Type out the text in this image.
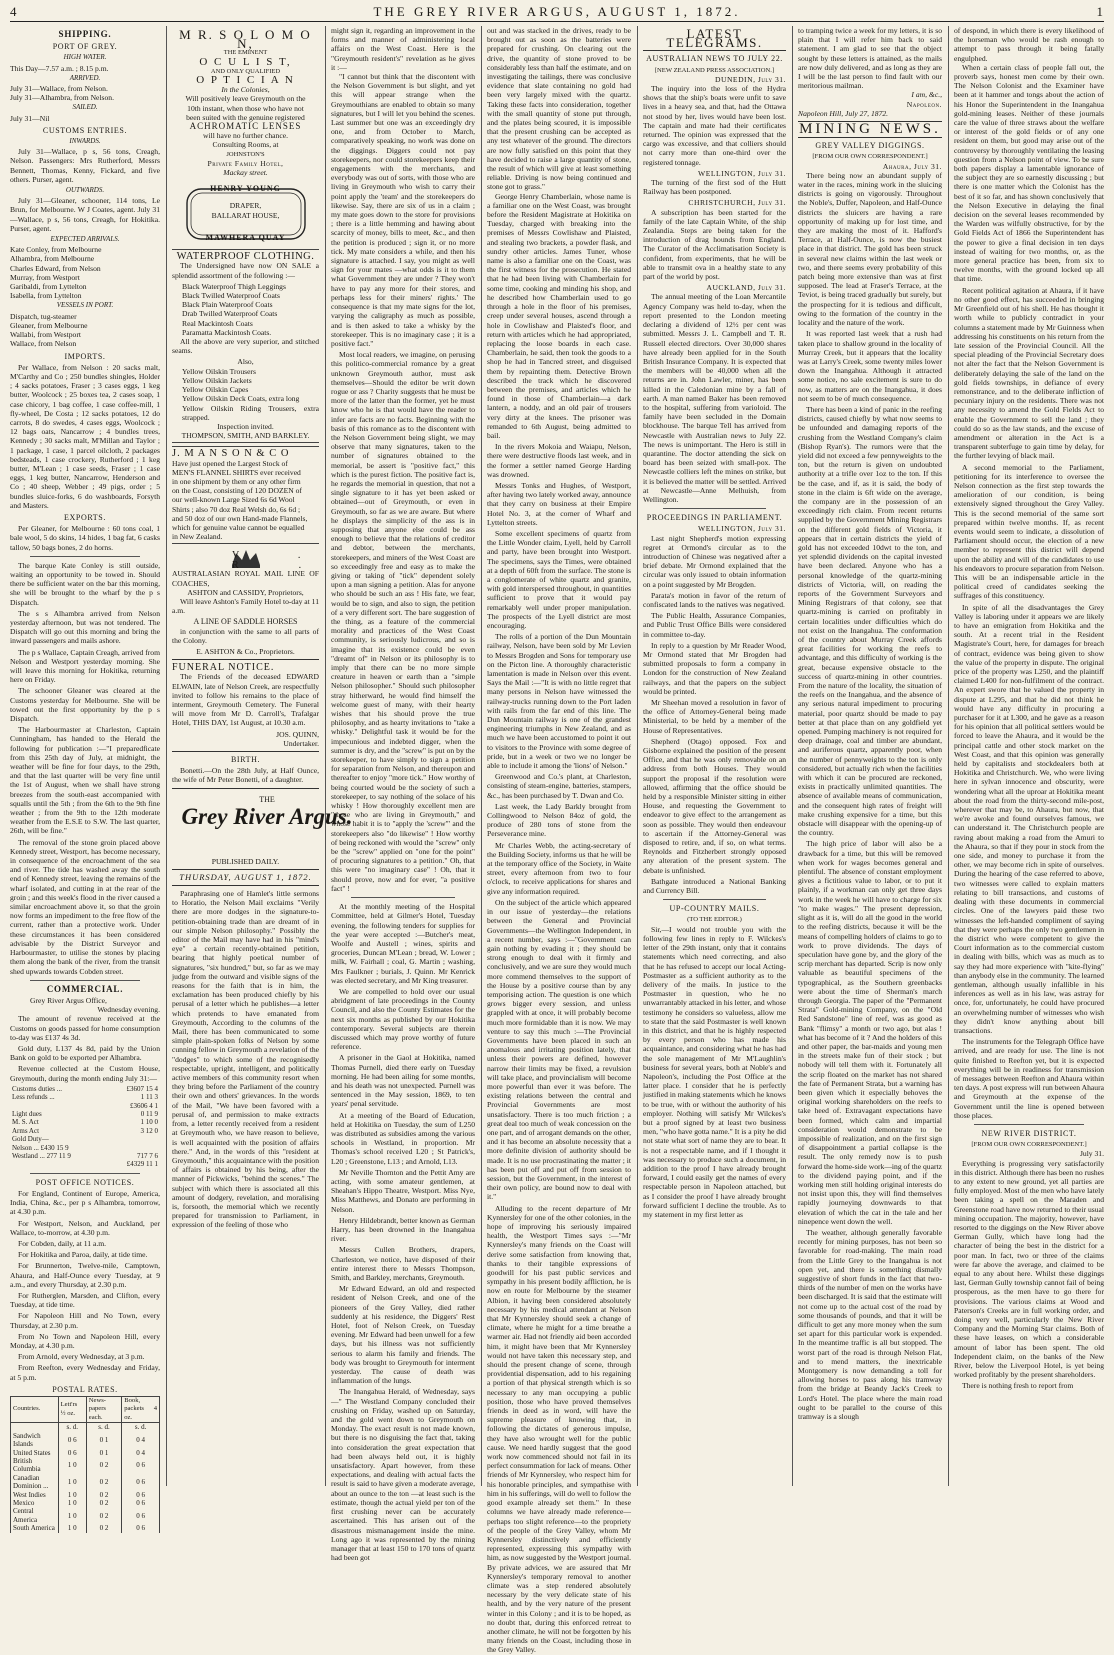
4	THE GREY RIVER ARGUS, AUGUST 1, 1872.	1
SHIPPING.
PORT OF GREY.
HIGH WATER.

This Day—7.57 a.m. ; 8.15 p.m.

ARRIVED.

July 31—Wallace, from Nelson.

July 31—Alhambra, from Nelson.

SAILED.

July 31—Nil

CUSTOMS ENTRIES.
INWARDS.

July 31—Wallace, p s, 56 tons, Creagh, Nelson. Passengers: Mrs Rutherford, Messrs Bennett, Thomas, Kenny, Fickard, and five others. Purser, agent.

OUTWARDS.

July 31—Gleaner, schooner, 114 tons, Le Brun, for Melbourne. W J Coates, agent. July 31—Wallace, p s, 56 tons, Creagh, for Hokitika. Purser, agent.

EXPECTED ARRIVALS.

Kate Conley, from Melbourne

Alhambra, from Melbourne

Charles Edward, from Nelson

Murray, from Westport

Garibaldi, from Lyttelton

Isabella, from Lyttelton

VESSELS IN PORT.

Dispatch, tug-steamer

Gleaner, from Melbourne

Wallabi, from Westport

Wallace, from Nelson

IMPORTS.

Per Wallace, from Nelson : 20 sacks malt, M'Carthy and Co ; 250 bundles shingles, Holder ; 4 sacks potatoes, Fraser ; 3 cases eggs, 1 keg butter, Woolcock ; 25 boxes tea, 2 cases soap, 1 case chicory, 1 bag coffee, 1 case coffee-mill, 1 fly-wheel, De Costa ; 12 sacks potatoes, 12 do carrots, 8 do swedes, 4 cases eggs, Woolcock ; 12 bags oats, Nancarrow ; 4 bundles trees, Kennedy ; 30 sacks malt, M'Millan and Taylor ; 1 package, 1 case, 1 parcel oilcloth, 2 packages bedsteads, 1 case crockery, Rutherford ; 1 keg butter, M'Lean ; 1 case seeds, Fraser ; 1 case eggs, 1 keg butter, Nancarrow, Henderson and Co ; 40 sheep, Webber ; 49 pigs, order ; 5 bundles sluice-forks, 6 do washboards, Forsyth and Masters.

EXPORTS.

Per Gleaner, for Melbourne : 60 tons coal, 1 bale wool, 5 do skins, 14 hides, 1 bag fat, 6 casks tallow, 50 bags bones, 2 do horns.

The barque Kate Conley is still outside, waiting an opportunity to be towed in. Should there be sufficient water on the bar this morning, she will be brought to the wharf by the p s Dispatch.

The s s Alhambra arrived from Nelson yesterday afternoon, but was not tendered. The Dispatch will go out this morning and bring the inward passengers and mails ashore.

The p s Wallace, Captain Creagh, arrived from Nelson and Westport yesterday morning. She will leave this morning for Hokitika, returning here on Friday.

The schooner Gleaner was cleared at the Customs yesterday for Melbourne. She will be towed out the first opportunity by the p s Dispatch.

The Harbourmaster at Charleston, Captain Cunningham, has handed to the Herald the following for publication :—"I preparedficate from this 25th day of July, at midnight, the weather will be fine for four days, to the 29th, and that the last quarter will be very fine until the 1st of August, when we shall have strong breezes from the south-east accompanied with squalls until the 5th ; from the 6th to the 9th fine weather ; from the 9th to the 12th moderate weather from the E.S.E to S.W. The last quarter, 26th, will be fine."

The removal of the stone groin placed above Kennedy street, Westport, has become necessary, in consequence of the encroachment of the sea and river. The tide has washed away the south end of Kennedy street, leaving the remains of the wharf isolated, and cutting in at the rear of the groin ; and this week's flood in the river caused a similar encroachment above it, so that the groin now forms an impediment to the free flow of the current, rather than a protective work. Under these circumstances it has been considered advisable by the District Surveyor and Harbourmaster, to utilise the stones by placing them along the bank of the river, from the transit shed upwards towards Cobden street.

COMMERCIAL.

Grey River Argus Office,

Wednesday evening.

The amount of revenue received at the Customs on goods passed for home consumption to-day was £137 4s 3d.

Gold duty, L137 4s 8d, paid by the Union Bank on gold to be exported per Alhambra.

Revenue collected at the Custom House, Greymouth, during the month ending July 31:—

Customs duties ...	£3607 15 4
Less refunds ...	1 11 3
	£3606 4 1
Light dues	0 11 9
M. S. Act	1 10 0
Arms Act	3 12 0
Gold Duty—	
Nelson ... £430 15 9	
Westland ... 277 11 9	717 7 6
	£4329 11 1
POST OFFICE NOTICES.

For England, Continent of Europe, America, India, China, &c., per p s Alhambra, tomorrow, at 4.30 p.m.

For Westport, Nelson, and Auckland, per Wallace, to-morrow, at 4.30 p.m.

For Cobden, daily, at 11 a.m.

For Hokitika and Paroa, daily, at tide time.

For Brunnerton, Twelve-mile, Camptown, Ahaura, and Half-Ounce every Tuesday, at 9 a.m., and every Thursday, at 2.30 p.m.

For Rutherglen, Marsden, and Clifton, every Tuesday, at tide time.

For Napoleon Hill and No Town, every Thursday, at 2.30 p.m.

From No Town and Napoleon Hill, every Monday, at 4.30 p.m.

From Arnold, every Wednesday, at 3 p.m.

From Reefton, every Wednesday and Friday, at 5 p.m.

POSTAL RATES.
Countries.	Lett'rs ½ oz.	News-papers each.	Book, packets 4 oz.
	s. d.	s. d.	s. d.
Sandwich Islands	0 6	0 1	0 4
United States	0 6	0 1	0 4
British Columbia	1 0	0 2	0 6
Canadian Dominion ...	1 0	0 2	0 6
West Indies	1 0	0 2	0 6
Mexico	1 0	0 2	0 6
Central America	1 0	0 2	0 6
South America	1 0	0 2	0 6
M R. S O L O M O N,
THE EMINENT
O C U L I S T,
AND ONLY QUALIFIED
O P T I C I A N
In the Colonies,

Will positively leave Greymouth on the 10th instant, when those who have not been suited with the genuine registered

ACHROMATIC LENSES
will have no further chance.
Consulting Rooms, at
JOHNSTON'S
Private Family Hotel,
Mackay street.
HENRY YOUNG
DRAPER,
BALLARAT HOUSE,
MAWHERA QUAY
WATERPROOF CLOTHING.

The Undersigned have now ON SALE a splendid assortment of the following :—

Black Waterproof Thigh Leggings

Black Twilled Waterproof Coats

Black Plain Waterproof Coats

Drab Twilled Waterproof Coats

Real Mackintosh Coats

Paramatta Mackintosh Coats.

All the above are very superior, and stitched seams.

Also,

Yellow Oilskin Trousers

Yellow Oilskin Jackets

Yellow Oilskin Capes

Yellow Oilskin Deck Coats, extra long

Yellow Oilskin Riding Trousers, extra strapped.

Inspection invited.

THOMPSON, SMITH, AND BARKLEY.

J. M A N S O N & C O

Have just opened the Largest Stock of

MEN'S FLANNEL SHIRTS ever received

in one shipment by them or any other firm

on the Coast, consisting of 120 DOZEN of

our well-known Large Sized 6s 6d Wool

Shirts ; also 70 doz Real Welsh do, 6s 6d ;

and 50 doz of our own Hand-made Flannels,

which for genuine value cannot be equalled

in New Zealand.

V. R.

AUSTRALASIAN ROYAL MAIL LINE OF COACHES,

ASHTON and CASSIDY, Proprietors,

Will leave Ashton's Family Hotel to-day at 11 a.m.

A LINE OF SADDLE HORSES

in conjunction with the same to all parts of the Colony.

E. ASHTON & Co., Proprietors.

FUNERAL NOTICE.

The Friends of the deceased EDWARD ELWAIN, late of Nelson Creek, are respectfully invited to follow his remains to the place of interment, Greymouth Cemetery. The Funeral will move from Mr D. Carroll's, Trafalgar Hotel, THIS DAY, 1st August, at 10.30 a.m.

JOS. QUINN,

Undertaker.

BIRTH.

Bonetti.—On the 28th July, at Half Ounce, the wife of Mr Peter Bonetti, of a daughter.

THE
Grey River Argus.
PUBLISHED DAILY.
THURSDAY, AUGUST 1, 1872.

Paraphrasing one of Hamlet's little sermons to Horatio, the Nelson Mail exclaims "Verily there are more dodges in the signature-to-petition-obtaining trade than are dreamt of in our simple Nelson philosophy." Possibly the editor of the Mail may have had in his "mind's eye" a certain recently-obtained petition, bearing that highly poetical number of signatures, "six hundred," but, so far as we may judge from the outward and visible signs of the reasons for the faith that is in him, the exclamation has been produced chiefly by his perusal of a letter which he publishes—a letter which pretends to have emanated from Greymouth, According to the columns of the Mail, there has been communicated to some simple plain-spoken folks of Nelson by some cunning fellow in Greymouth a revelation of the "dodges" to which some of the recognisedly respectable, upright, intelligent, and politically active members of this community resort when they bring before the Parliament of the country their own and others' grievances. In the words of the Mail, "We have been favored with a perusal of, and permission to make extracts from, a letter recently received from a resident at Greymouth who, we have reason to believe, is well acquainted with the position of affairs there." And, in the words of this "resident at Greymouth," this acquaintance with the position of affairs is obtained by his being, after the manner of Pickwicks, "behind the scenes." The subject with which there is associated all this amount of dodgery, revelation, and moralising is, forsooth, the memorial which we recently prepared for transmission to Parliament, in expression of the feeling of those who

might sign it, regarding an improvement in the forms and manner of administering local affairs on the West Coast. Here is the "Greymouth resident's" revelation as he gives it :—

"I cannot but think that the discontent with the Nelson Government is but slight, and yet this will appear strange when the Greymouthians are enabled to obtain so many signatures, but I will let you behind the scenes. Last summer but one was an exceedingly dry one, and from October to March, comparatively speaking, no work was done on the diggings. Diggers could not pay storekeepers, nor could storekeepers keep their engagements with the merchants, and everybody was out of sorts, with those who are living in Greymouth who wish to carry their point apply the 'team' and the storekeepers do likewise. Say, there are six of us in a claim ; my mate goes down to the store for provisions ; there is a little hemming and hawing about scarcity of money, bills to meet, &c., and then the petition is produced ; sign it, or no more tick. My mate considers a while, and then his signature is attached. I say, you might as well sign for your mates —what odds is it to them what Government they are under ? They won't have to pay any more for their stores, and perhaps less for their miners' rights.' The consequence is that my mate signs for the lot, varying the caligraphy as much as possible, and is then asked to take a whisky by the storekeeper. This is no imaginary case ; it is a positive fact."

Most local readers, we imagine, on perusing this politico-commercial romance by a great unknown Greymouth author, must ask themselves—Should the editor be writ down rogue or ass ? Charity suggests that he must be more of the latter than the former, yet he must know who he is that would have the reader to infer are facts are no facts. Beginning with the basis of this romance as to the discontent with the Nelson Government being slight, we may observe that many signatures, taken to the number of signatures obtained to the memorial, be assert is "positive fact," this which is the purest fiction. The positive fact is, he regards the memorial in question, that not a single signature to it has yet been asked or obtained—out of Greymouth, or even in Greymouth, so far as we are aware. But where he displays the simplicity of the ass is in supposing that anyone else could be ass enough to believe that the relations of creditor and debtor, between the merchants, storekeepers, and miners of the West Coast are so exceedingly free and easy as to make the giving or taking of "tick" dependent solely upon a man signing a petition. Alas for anyone who should be such an ass ! His fate, we fear, would be to sign, and also to sign, the petition of a very different sort. The bare suggestion of the thing, as a feature of the commercial morality and practices of the West Coast community, is seriously ludicrous, and so is imagine that its existence could be even "dreamt of" in Nelson or its philosophy is to imply that there can be no more simple creature in heaven or earth than a "simple Nelson philosopher." Should such philosopher stray hitherward, he would find himself the welcome guest of many, with their hearty wishes that his should prove the true philosophy, and as hearty invitations to "take a whisky." Delightful task it would be for the impecunious and indebted digger, when the summer is dry, and the "screw" is put on by the storekeeper, to have simply to sign a petition for separation from Nelson, and thereupon and thereafter to enjoy "more tick." How worthy of being courted would be the society of such a storekeeper, to say nothing of the solace of his whisky ! How thoroughly excellent men are "those who are living in Greymouth," and whose habit it is to "apply the 'screw'" and the storekeepers also "do likewise" ! How worthy of being reckoned with would the "screw" only be the "screw" applied on "one for the point" of procuring signatures to a petition." Oh, that this were "no imaginary case" ! Oh, that it should prove, now and for ever, "a positive fact" !

At the monthly meeting of the Hospital Committee, held at Gilmer's Hotel, Tuesday evening, the following tenders for supplies for the year were accepted :—Butcher's meat, Woolfe and Austell ; wines, spirits and groceries, Duncan M'Lean ; bread, W. Lower ; milk, W. Fairhall ; coal, G. Martin ; washing, Mrs Faulkner ; burials, J. Quinn. Mr Kenrick was elected secretary, and Mr King treasurer.

We are compelled to hold over our usual abridgment of late proceedings in the County Council, and also the County Estimates for the next six months as published by our Hokitika contemporary. Several subjects are therein discussed which may prove worthy of future reference.

A prisoner in the Gaol at Hokitika, named Thomas Purnell, died there early on Tuesday morning. He had been ailing for some months, and his death was not unexpected. Purnell was sentenced in the May session, 1869, to ten years' penal servitude.

At a meeting of the Board of Education, held at Hokitika on Tuesday, the sum of L250 was distributed as subsidies among the various schools in Westland, in proportion. Mr Thomas's school received L20 ; St Patrick's, L20 ; Greenstone, L13 ; and Arnold, L13.

Mr Neville Thornton and the Pettit Amy are acting, with some amateur gentlemen, at Sheahan's Hippo Theatre, Westport. Miss Nye, Miss Matthews, and Donato are performing in Nelson.

Henry Hildebrandt, better known as German Harry, has been drowned in the Inangahua river.

Messrs Cullen Brothers, drapers, Charleston, we notice, have disposed of their entire interest there to Messrs Thompson, Smith, and Barkley, merchants, Greymouth.

Mr Edward Edward, an old and respected resident of Nelson Creek, and one of the pioneers of the Grey Valley, died rather suddenly at his residence, the Diggers' Rest Hotel, foot of Nelson Creek, on Tuesday evening. Mr Edward had been unwell for a few days, but his illness was not sufficiently serious to alarm his family and friends. The body was brought to Greymouth for interment yesterday. The cause of death was inflammation of the lungs.

The Inangahua Herald, of Wednesday, says—" The Westland Company concluded their crushing on Friday, washed up on Saturday, and the gold went down to Greymouth on Monday. The exact result is not made known, but there is no disguising the fact that, taking into consideration the great expectation that had been always held out, it is highly unsatisfactory. Apart however, from these expectations, and dealing with actual facts the result is said to have given a moderate average, about an ounce to the ton —at least such is the estimate, though the actual yield per ton of the first crushing never can be accurately ascertained. This has arisen out of the disastrous mismanagement inside the mine. Long ago it was represented by the mining manager that at least 150 to 170 tons of quartz had been got

out and was stacked in the drives, ready to be brought out as soon as the batteries were prepared for crushing. On clearing out the drive, the quantity of stone proved to be considerably less than half the estimate, and on investigating the tailings, there was conclusive evidence that slate containing no gold had been very largely mixed with the quartz. Taking these facts into consideration, together with the small quantity of stone put through, and the plates being scoured, it is impossible that the present crushing can be accepted as any test whatever of the ground. The directors are now fully satisfied on this point that they have decided to raise a large quantity of stone, the result of which will give at least something reliable. Driving is now being continued and stone got to grass."

George Henry Chamberlain, whose name is a familiar one on the West Coast, was brought before the Resident Magistrate at Hokitika on Tuesday, charged with breaking into the premises of Messrs Cowlishaw and Plaisted, and stealing two brackets, a powder flask, and sundry other articles. James Tuner, whose name is also a familiar one on the Coast, was the first witness for the prosecution. He stated that he had been living with Chamberlain for some time, cooking and minding his shop, and he described how Chamberlain used to go through a hole in the floor of his premises, creep under several houses, ascend through a hole in Cowlishaw and Plaisted's floor, and return with articles which he had appropriated, replacing the loose boards in each case. Chamberlain, he said, then took the goods to a shop he had in Tancred street, and disguised them by repainting them. Detective Brown described the track which he discovered between the premises, and articles which he found in those of Chamberlain—a dark lantern, a noddy, and an old pair of trousers very dirty at the knees. The prisoner was remanded to 6th August, being admitted to bail.

In the rivers Mokoia and Waiapu, Nelson, there were destructive floods last week, and in the former a settler named George Harding was drowned.

Messrs Tonks and Hughes, of Westport, after having two lately worked away, announce that they carry on business at their Empire Hotel No. 3, at the corner of Wharf and Lyttelton streets.

Some excellent specimens of quartz from the Little Wonder claim, Lyell, held by Carroll and party, have been brought into Westport. The specimens, says the Times, were obtained at a depth of 60ft from the surface. The stone is a conglomerate of white quartz and granite, with gold interspersed throughout, in quantities sufficient to prove that it would pay remarkably well under proper manipulation. The prospects of the Lyell district are most encouraging.

The rolls of a portion of the Dun Mountain railway, Nelson, have been sold by Mr Levien to Messrs Brogden and Sons for temporary use on the Picton line. A thoroughly characteristic lamentation is made in Nelson over this event. Says the Mail :—"It is with no little regret that many persons in Nelson have witnessed the railway-trucks running down to the Port laden with rails from the far end of this line. The Dun Mountain railway is one of the grandest engineering triumphs in New Zealand, and as much we have been accustomed to point it out to visitors to the Province with some degree of pride, but in a week or two we no longer be able to include it among the 'lions' of Nelson."

Greenwood and Co.'s plant, at Charleston, consisting of steam-engine, batteries, stampers, &c., has been purchased by T. Dwan and Co.

Last week, the Lady Barkly brought from Collingwood to Nelson 84oz of gold, the produce of 280 tons of stone from the Perseverance mine.

Mr Charles Webb, the acting-secretary of the Building Society, informs us that he will be at the temporary office of the Society, in Waite street, every afternoon from two to four o'clock, to receive applications for shares and give any information required.

On the subject of the article which appeared in our issue of yesterday—the relations between the General and Provincial Governments—the Wellington Independent, in a recent number, says :—"Government can gain nothing by evading it ; they should be strong enough to deal with it firmly and conclusively, and we are sure they would much more commend themselves to the support of the House by a positive course than by any temporising action. The question is one which grows bigger every session, and unless grappled with at once, it will probably become much more formidable than it is now. We may venture to say this much :—The Provincial Governments have been placed in such an anomalous and irritating position lately, that unless their powers are defined, however narrow their limits may be fixed, a revulsion will take place, and provincialism will become more powerful than ever it was before. The existing relations between the central and Provincial Governments are most unsatisfactory. There is too much friction ; a great deal too much of weak concession on the one part, and of arrogant demands on the other, and it has become an absolute necessity that a more definite division of authority should be made. It is no use procrastinating the matter ; it has been put off and put off from session to session, but the Government, in the interest of their own policy, are bound now to deal with it."

Alluding to the recent departure of Mr Kynnersley for one of the other colonies, in the hope of improving his seriously impaired health, the Westport Times says :—"Mr Kynnersley's many friends on the Coast will derive some satisfaction from knowing that, thanks to their tangible expressions of goodwill for his past public services and sympathy in his present bodily affliction, he is now en route for Melbourne by the steamer Albion, it having been considered absolutely necessary by his medical attendant at Nelson that Mr Kynnersley should seek a change of climate, where he might for a time breathe a warmer air. Had not friendly aid been accorded him, it might have been that Mr Kynnersley would not have taken this necessary step, and should the present change of scene, through providential dispensation, add to his regaining a portion of that physical strength which is so necessary to any man occupying a public position, those who have proved themselves friends in deed as in word, will have the supreme pleasure of knowing that, in following the dictates of generous impulse, they have also wrought well for the public cause. We need hardly suggest that the good work now commenced should not fail in its perfect consummation for lack of means. Other friends of Mr Kynnersley, who respect him for his honorable principles, and sympathise with him in his sufferings, will do well to follow the good example already set them." In these columns we have already made reference—perhaps too slight reference—to the propriety of the people of the Grey Valley, whom Mr Kynnersley distinctively and efficiently represented, expressing this sympathy with him, as now suggested by the Westport journal. By private advices, we are assured that Mr Kynnersley's temporary removal to another climate was a step rendered absolutely necessary by the very delicate state of his health, and by the very nature of the present winter in this Colony ; and it is to be hoped, as no doubt that, during this enforced retreat to another climate, he will not be forgotten by his many friends on the Coast, including those in the Grey Valley.

LATEST TELEGRAMS.
AUSTRALIAN NEWS TO JULY 22.
[NEW ZEALAND PRESS ASSOCIATION.]

DUNEDIN, July 31.

The inquiry into the loss of the Hydra shows that the ship's boats were unfit to save lives in a heavy sea, and that, had the Ottawa not stood by her, lives would have been lost. The captain and mate had their certificates returned. The opinion was expressed that the cargo was excessive, and that colliers should not carry more than one-third over the registered tonnage.

WELLINGTON, July 31.

The turning of the first sod of the Hutt Railway has been postponed.

CHRISTCHURCH, July 31.

A subscription has been started for the family of the late Captain White, of the ship Zealandia. Steps are being taken for the introduction of drag hounds from England. The Curator of the Acclimatisation Society is confident, from experiments, that he will be able to transmit ova in a healthy state to any part of the world by post.

AUCKLAND, July 31.

The annual meeting of the Loan Mercantile Agency Company was held to-day, when the report presented to the London meeting declaring a dividend of 12½ per cent was submitted. Messrs J. L. Campbell and T. R. Russell elected directors. Over 30,000 shares have already been applied for in the South British Insurance Company. It is expected that the members will be 40,000 when all the returns are in. John Lawler, miner, has been killed in the Caledonian mine by a fall of earth. A man named Baker has been removed to the hospital, suffering from varioloid. The family have been secluded in the Domain blockhouse. The barque Tell has arrived from Newcastle with Australian news to July 22. The news is unimportant. The Hero is still in quarantine. The doctor attending the sick on board has been seized with small-pox. The Newcastle colliers left the mines on strike, but it is believed the matter will be settled. Arrived at Newcastle—Anne Melhuish, from Wellington.

PROCEEDINGS IN PARLIAMENT.

WELLINGTON, July 31.

Last night Shepherd's motion expressing regret at Ormond's circular as to the introduction of Chinese was negatived after a brief debate. Mr Ormond explained that the circular was only issued to obtain information on a point suggested by Mr Brogden.

Parata's motion in favor of the return of confiscated lands to the natives was negatived.

The Public Health, Assurance Companies, and Public Trust Office Bills were considered in committee to-day.

In reply to a question by Mr Reader Wood, Mr Ormond stated that Mr Brogden had submitted proposals to form a company in London for the construction of New Zealand railways, and that the papers on the subject would be printed.

Mr Sheehan moved a resolution in favor of the office of Attorney-General being made Ministerial, to be held by a member of the House of Representatives.

Shepherd (Otago) opposed. Fox and Gisborne explained the position of the present Office, and that he was only removable on an address from both Houses. They would support the proposal if the resolution were allowed, affirming that the office should be held by a responsible Minister sitting in either House, and requesting the Government to endeavor to give effect to the arrangement as soon as possible. They would then endeavour to ascertain if the Attorney-General was disposed to retire, and, if so, on what terms. Reynolds and Fitzherbert strongly opposed any alteration of the present system. The debate is unfinished.

Bathgate introduced a National Banking and Currency Bill.

UP-COUNTRY MAILS.
(TO THE EDITOR.)

Sir,—I would not trouble you with the following few lines in reply to F. Wilckes's letter of the 29th instant, only that it contains statements which need correcting, and also that he has refused to accept our local Acting-Postmaster as a sufficient authority as to the delivery of the mails. In justice to the Postmaster in question, who he no unwarrantably attacked in his letter, and whose testimony he considers so valueless, allow me to state that the said Postmaster is well known in this district, and that he is highly respected by every person who has made his acquaintance, and considering what he has had the sole management of Mr M'Laughlin's business for several years, both at Noble's and Napoleon's, including the Post Office at the latter place. I consider that he is perfectly justified in making statements which he knows to be true, with or without the authority of his employer. Nothing will satisfy Mr Wilckes's but a proof signed by at least two business men, "who have gotta name." It is a pity he did not state what sort of name they are to bear. It is not a respectable name, and if I thought it was necessary to produce such a document, in addition to the proof I have already brought forward, I could easily get the names of every respectable person in Napoleon attached, but as I consider the proof I have already brought forward sufficient I decline the trouble. As to my statement in my first letter as

to tramping twice a week for my letters, it is so plain that I will refer him back to said statement. I am glad to see that the object sought by these letters is attained, as the mails are now duly delivered, and as long as they are I will be the last person to find fault with our meritorious mailman.

I am, &c.,

Napoleon.

Napoleon Hill, July 27, 1872.

MINING NEWS.
GREY VALLEY DIGGINGS.
[FROM OUR OWN CORRESPONDENT.]

Ahaura, July 31.

There being now an abundant supply of water in the races, mining work in the sluicing districts is going on vigorously. Throughout the Noble's, Duffer, Napoleon, and Half-Ounce districts the sluicers are having a rare opportunity of making up for lost time, and they are making the most of it. Hafford's Terrace, at Half-Ounce, is now the busiest place in that district. The gold has been struck in several new claims within the last week or two, and there seems every probability of this patch being more extensive than was at first supposed. The lead at Fraser's Terrace, at the Teviot, is being traced gradually but surely, but the prospecting for it is tedious and difficult, owing to the formation of the country in the locality and the nature of the work.

It was reported last week that a rush had taken place to shallow ground in the locality of Murray Creek, but it appears that the locality was at Larry's Creek, some twenty miles lower down the Inangahua. Although it attracted some notice, no sale excitement is sure to do now, as matters are on the Inangahua, it does not seem to be of much consequence.

There has been a kind of panic in the reefing districts, caused chiefly by what now seems to be unfounded and damaging reports of the crushing from the Westland Company's claim (Bishop Ryan's). The rumors were that the yield did not exceed a few pennyweights to the ton, but the return is given on undoubted authority at a trifle over 1oz to the ton. If this be the case, and if, as it is said, the body of stone in the claim is 6ft wide on the average, the company are in the possession of an exceedingly rich claim. From recent returns supplied by the Government Mining Registrars on the different gold fields of Victoria, it appears that in certain districts the yield of gold has not exceeded 10dwt to the ton, and yet splendid dividends on the capital invested have been declared. Anyone who has a personal knowledge of the quartz-mining districts of Victoria, will, on reading the reports of the Government Surveyors and Mining Registrars of that colony, see that quartz-mining is carried on profitably in certain localities under difficulties which do not exist on the Inangahua. The conformation of the country about Murray Creek affords great facilities for working the reefs to advantage, and this difficulty of working is the great, because expensive obstacle to the success of quartz-mining in other countries. From the nature of the locality, the situation of the reefs on the Inangahua, and the absence of any serious natural impediment to procuring material, poor quartz should be made to pay better at that place than on any goldfield yet opened. Pumping machinery is not required for deep drainage, coal and timber are abundant, and auriferous quartz, apparently poor, when the number of pennyweights to the ton is only considered, but actually rich when the facilities with which it can be procured are reckoned, exists in practically unlimited quantities. The absence of available means of communication, and the consequent high rates of freight will make crushing expensive for a time, but this obstacle will disappear with the opening-up of the country.

The high price of labor will also be a drawback for a time, but this will be removed when work for wages becomes general and plentiful. The absence of constant employment gives a fictitious value to labor, or to put it plainly, if a workman can only get three days work in the week he will have to charge for six "to make wages." The present depression, slight as it is, will do all the good in the world to the reefing districts, because it will be the means of compelling holders of claims to go to work to prove dividends. The days of speculation have gone by, and the glory of the scrip merchant has departed. Scrip is now only valuable as beautiful specimens of the typographical, as the Southern greenbacks were about the time of Sherman's march through Georgia. The paper of the "Permanent Strata" Gold-mining Company, on the "Old Red Sandstone" line of reef, was as good as Bank "flimsy" a month or two ago, but alas ! what has become of it ? And the holders of this and other paper, the bar-maids and young men in the streets make fun of their stock ; but nobody will tell them with it. Fortunately all the scrip floated on the market has not shared the fate of Permanent Strata, but a warning has been given which it especially behoves the original working shareholders on the reefs to take heed of. Extravagant expectations have been formed, which calm and impartial consideration would demonstrate to be impossible of realization, and on the first sign of disappointment a partial collapse is the result. The only remedy now is to push forward the home-side work—ing of the quartz to the dividend paying point, and if the working men still holding original interests do not insist upon this, they will find themselves rapidly journeying downwards to that elevation of which the cat in the tale and her ninepence went down the well.

The weather, although generally favorable recently for mining purposes, has not been so favorable for road-making. The main road from the Little Grey to the Inangahua is not open yet, and there is something dismally suggestive of short funds in the fact that two-thirds of the number of men on the works have been discharged. It is said that the estimate will not come up to the actual cost of the road by some thousands of pounds, and that it will be difficult to get any more money when the sum set apart for this particular work is expended. In the meantime traffic is all but stopped. The worst part of the road is through Nelson Flat, and to mend matters, the inextricable Montgomery is now demanding a toll for allowing horses to pass along his tramway from the bridge at Beandy Jack's Creek to Lord's Hotel. The place where the main road ought to be parallel to the course of this tramway is a slough

of despond, in which there is every likelihood of the horseman who would be rash enough to attempt to pass through it being fatally engulphed.

When a certain class of people fall out, the proverb says, honest men come by their own. The Nelson Colonist and the Examiner have been at it hammer and tongs about the action of his Honor the Superintendent in the Inangahua gold-mining leases. Neither of these journals care the value of three straws about the welfare or interest of the gold fields or of any one resident on them, but good may arise out of the controversy by thoroughly ventilating the leasing question from a Nelson point of view. To be sure both papers display a lamentable ignorance of the subject they are so earnestly discussing ; but there is one matter which the Colonist has the best of it so far, and has shown conclusively that the Nelson Executive in delaying the final decision on the several leases recommended by the Warden was wilfully obstructive, for by the Gold Fields Act of 1866 the Superintendent has the power to give a final decision in ten days instead of waiting for two months, or, as the more general practice has been, from six to twelve months, with the ground locked up all that time.

Recent political agitation at Ahaura, if it have no other good effect, has succeeded in bringing Mr Greenfield out of his shell. He has thought it worth while to publicly contradict in your columns a statement made by Mr Guinness when addressing his constituents on his return from the late session of the Provincial Council. All the special pleading of the Provincial Secretary does not alter the fact that the Nelson Government is deliberately delaying the sale of the land on the gold fields townships, in defiance of every remonstrance, and to the deliberate infliction of pecuniary injury on the residents. There was not any necessity to amend the Gold Fields Act to enable the Government to sell the land ; they could do so as the law stands, and the excuse of amendment or alteration in the Act is a transparent subterfuge to gain time by delay, for the further levying of black mail.

A second memorial to the Parliament, petitioning for its interference to oversee the Nelson connection as the first step towards the amelioration of our condition, is being extensively signed throughout the Grey Valley. This is the second memorial of the same sort prepared within twelve months. If, as recent events would seem to indicate, a dissolution of Parliament should occur, the election of a new member to represent this district will depend upon the ability and will of the candidates to use his endeavors to procure separation from Nelson. This will be an indispensable article in the political creed of candidates seeking the suffrages of this constituency.

In spite of all the disadvantages the Grey Valley is laboring under it appears we are likely to have an emigration from Hokitika and the south. At a recent trial in the Resident Magistrate's Court, here, for damages for breach of contract, evidence was being given to show the value of the property in dispute. The original price of the property was L250, and the plaintiff claimed L400 for non-fulfilment of the contract. An expert swore that he valued the property in dispute at L295, and that he did not think he would have any difficulty in procuring a purchaser for it at L300, and he gave as a reason for his opinion that all political settlers would be forced to leave the Ahaura, and it would be the principal cattle and other stock market on the West Coast, and that this opinion was generally held by capitalists and stockdealers both at Hokitika and Christchurch. We, who were living here in sylvan innocence and obscurity, were wondering what all the uproar at Hokitika meant about the road from the thirty-second mile-post, wherever that may be, to Ahaura, but now, that we're awoke and found ourselves famous, we can understand it. The Christchurch people are raving about making a road from the Amuri to the Ahaura, so that if they pour in stock from the one side, and money to purchase it from the other, we may become rich in spite of ourselves. During the hearing of the case referred to above, two witnesses were called to explain matters relating to bill transactions, and customs of dealing with these documents in commercial circles. One of the lawyers paid these two witnesses the left-handed compliment of saying that they were perhaps the only two gentlemen in the district who were competent to give the Court information as to the commercial custom in dealing with bills, which was as much as to say they had more experience with "kite-flying" than anybody else in the community. The learned gentleman, although usually infallible in his inferences as well as in his law, was astray for once, for, unfortunately, he could have procured an overwhelming number of witnesses who wish they didn't know anything about bill transactions.

The instruments for the Telegraph Office have arrived, and are ready for use. The line is not quite finished to Reefton yet, but it is expected everything will be in readiness for transmission of messages between Reefton and Ahaura within ten days. A post express will run between Ahaura and Greymouth at the expense of the Government until the line is opened between those places.

NEW RIVER DISTRICT.
[FROM OUR OWN CORRESPONDENT.]

July 31.

Everything is progressing very satisfactorily in this district. Although there has been no rushes to any extent to new ground, yet all parties are fully employed. Most of the men who have lately been taking a spell on the Maraden and Greenstone road have now returned to their usual mining occupation. The majority, however, have resorted to the diggings on the New River above German Gully, which have long had the character of being the best in the district for a poor man. In fact, two or three of the claims were far above the average, and claimed to be equal to any about here. Whilst these diggings last, German Gully township cannot fail of being prosperous, as the men have to go there for provisions. The various claims at Wood and Paterson's Creeks are in full working order, and doing very well, particularly the New River Company and the Morning Star claims. Both of these have leases, on which a considerable amount of labor has been spent. The old Independent claim, on the banks of the New River, below the Liverpool Hotel, is yet being worked profitably by the present shareholders.

There is nothing fresh to report from
